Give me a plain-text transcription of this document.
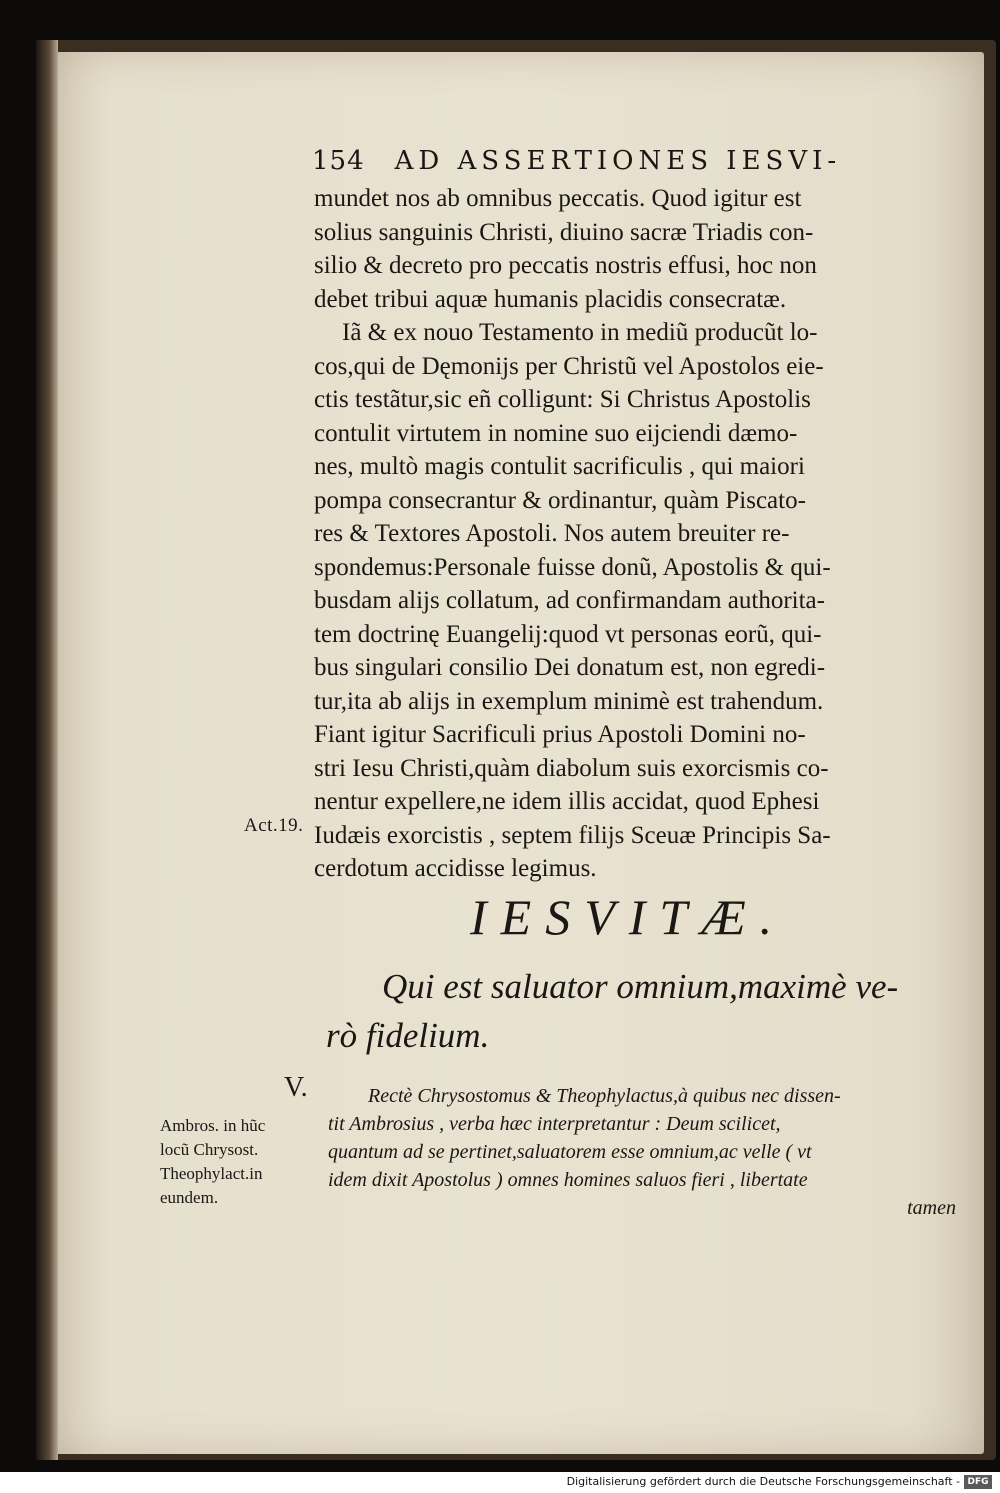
154 AD ASSERTIONES IESVI-
mundet nos ab omnibus peccatis. Quod igitur est
solius sanguinis Christi, diuino sacræ Triadis con-
silio & decreto pro peccatis nostris effusi, hoc non
debet tribui aquæ humanis placidis consecratæ.
Iã & ex nouo Testamento in mediũ producũt lo-
cos,qui de Dęmonijs per Christũ vel Apostolos eie-
ctis testãtur,sic eñ colligunt: Si Christus Apostolis
contulit virtutem in nomine suo eijciendi dæmo-
nes, multò magis contulit sacrificulis , qui maiori
pompa consecrantur & ordinantur, quàm Piscato-
res & Textores Apostoli. Nos autem breuiter re-
spondemus:Personale fuisse donũ, Apostolis & qui-
busdam alijs collatum, ad confirmandam authorita-
tem doctrinę Euangelij:quod vt personas eorũ, qui-
bus singulari consilio Dei donatum est, non egredi-
tur,ita ab alijs in exemplum minimè est trahendum.
Fiant igitur Sacrificuli prius Apostoli Domini no-
stri Iesu Christi,quàm diabolum suis exorcismis co-
nentur expellere,ne idem illis accidat, quod Ephesi
Iudæis exorcistis , septem filijs Sceuæ Principis Sa-
cerdotum accidisse legimus.
Act.19.
IESVITÆ.
Qui est saluator omnium,maximè ve-
rò fidelium.
V.	Rectè Chrysostomus & Theophylactus,à quibus nec dissen-
tit Ambrosius , verba hæc interpretantur : Deum scilicet,
quantum ad se pertinet,saluatorem esse omnium,ac velle ( vt
idem dixit Apostolus ) omnes homines saluos fieri , libertate
tamen
Ambros. in hũc
locũ Chrysost.
Theophylact.in
eundem.
Digitalisierung gefördert durch die Deutsche Forschungsgemeinschaft - DFG
